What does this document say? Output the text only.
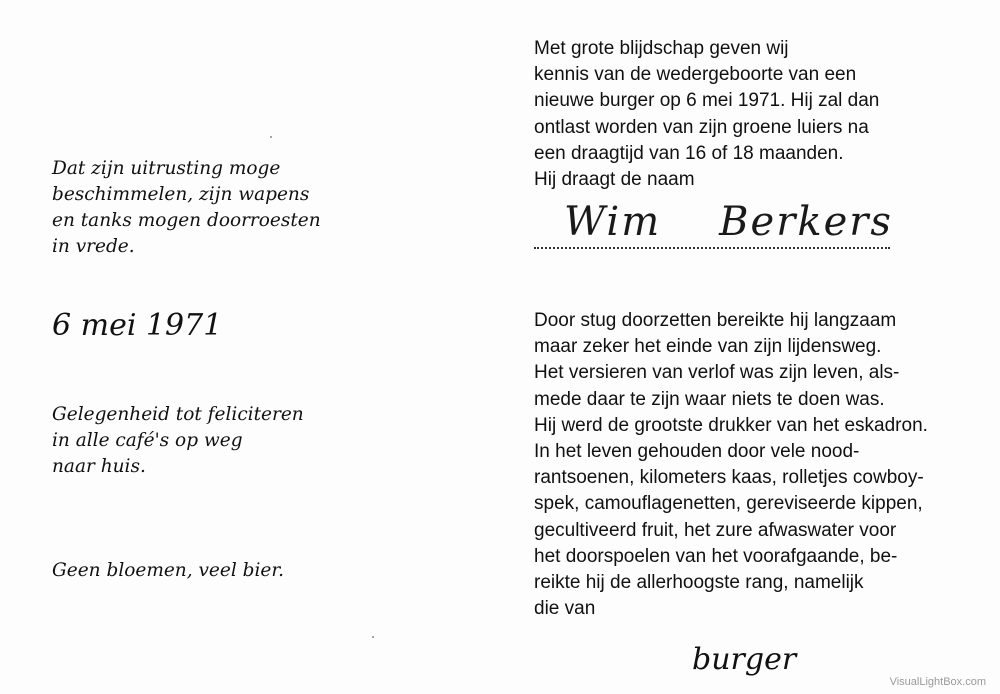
Dat zijn uitrusting moge
beschimmelen, zijn wapens
en tanks mogen doorroesten
in vrede.
6 mei 1971
Gelegenheid tot feliciteren
in alle café's op weg
naar huis.
Geen bloemen, veel bier.
Met grote blijdschap geven wij
kennis van de wedergeboorte van een
nieuwe burger op 6 mei 1971. Hij zal dan
ontlast worden van zijn groene luiers na
een draagtijd van 16 of 18 maanden.
Hij draagt de naam
Wim Berkers
Door stug doorzetten bereikte hij langzaam
maar zeker het einde van zijn lijdensweg.
Het versieren van verlof was zijn leven, als-
mede daar te zijn waar niets te doen was.
Hij werd de grootste drukker van het eskadron.
In het leven gehouden door vele nood-
rantsoenen, kilometers kaas, rolletjes cowboy-
spek, camouflagenetten, gereviseerde kippen,
gecultiveerd fruit, het zure afwaswater voor
het doorspoelen van het voorafgaande, be-
reikte hij de allerhoogste rang, namelijk
die van
burger
VisualLightBox.com
